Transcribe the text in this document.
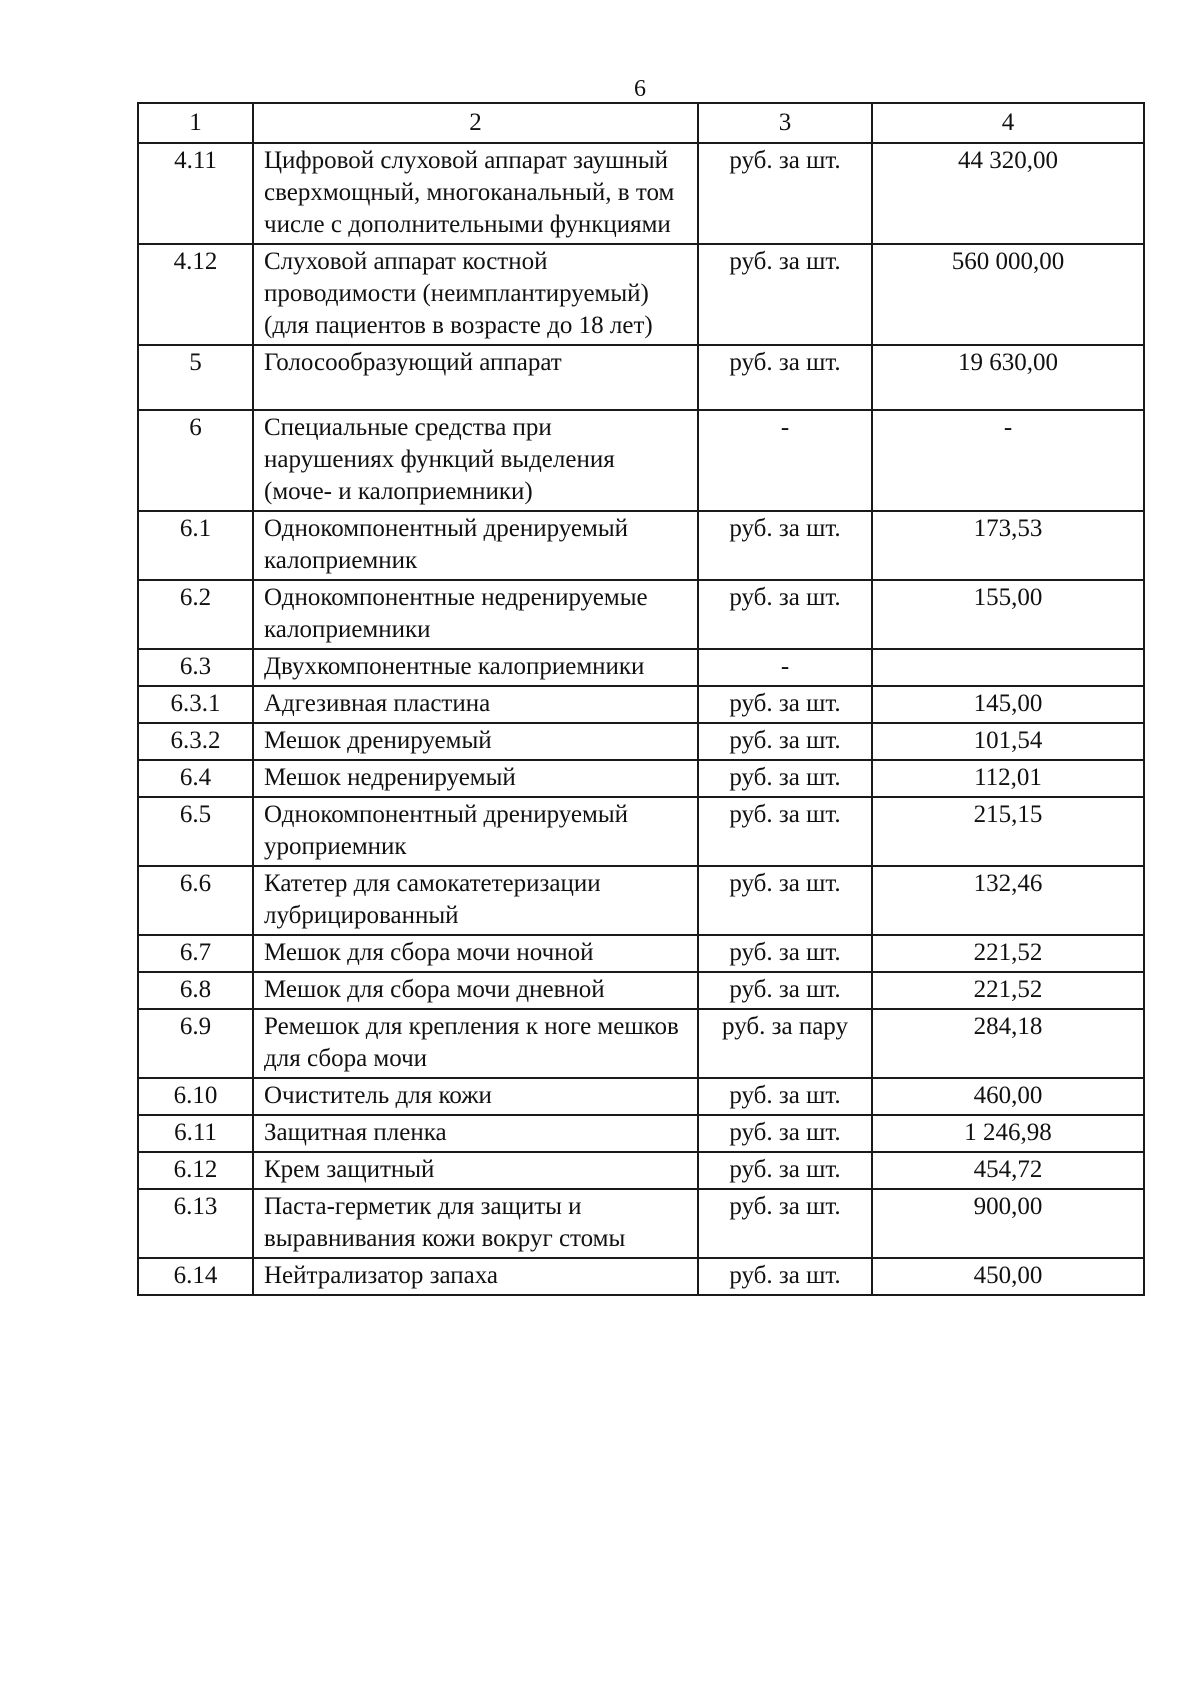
6
1	2	3	4
4.11	Цифровой слуховой аппарат заушный сверхмощный, многоканальный, в том числе с дополнительными функциями	руб. за шт.	44 320,00
4.12	Слуховой аппарат костной проводимости (неимплантируемый) (для пациентов в возрасте до 18 лет)	руб. за шт.	560 000,00
5	Голосообразующий аппарат	руб. за шт.	19 630,00
6	Специальные средства при нарушениях функций выделения (моче- и калоприемники)	-	-
6.1	Однокомпонентный дренируемый калоприемник	руб. за шт.	173,53
6.2	Однокомпонентные недренируемые калоприемники	руб. за шт.	155,00
6.3	Двухкомпонентные калоприемники	-	
6.3.1	Адгезивная пластина	руб. за шт.	145,00
6.3.2	Мешок дренируемый	руб. за шт.	101,54
6.4	Мешок недренируемый	руб. за шт.	112,01
6.5	Однокомпонентный дренируемый уроприемник	руб. за шт.	215,15
6.6	Катетер для самокатетеризации лубрицированный	руб. за шт.	132,46
6.7	Мешок для сбора мочи ночной	руб. за шт.	221,52
6.8	Мешок для сбора мочи дневной	руб. за шт.	221,52
6.9	Ремешок для крепления к ноге мешков для сбора мочи	руб. за пару	284,18
6.10	Очиститель для кожи	руб. за шт.	460,00
6.11	Защитная пленка	руб. за шт.	1 246,98
6.12	Крем защитный	руб. за шт.	454,72
6.13	Паста-герметик для защиты и выравнивания кожи вокруг стомы	руб. за шт.	900,00
6.14	Нейтрализатор запаха	руб. за шт.	450,00
